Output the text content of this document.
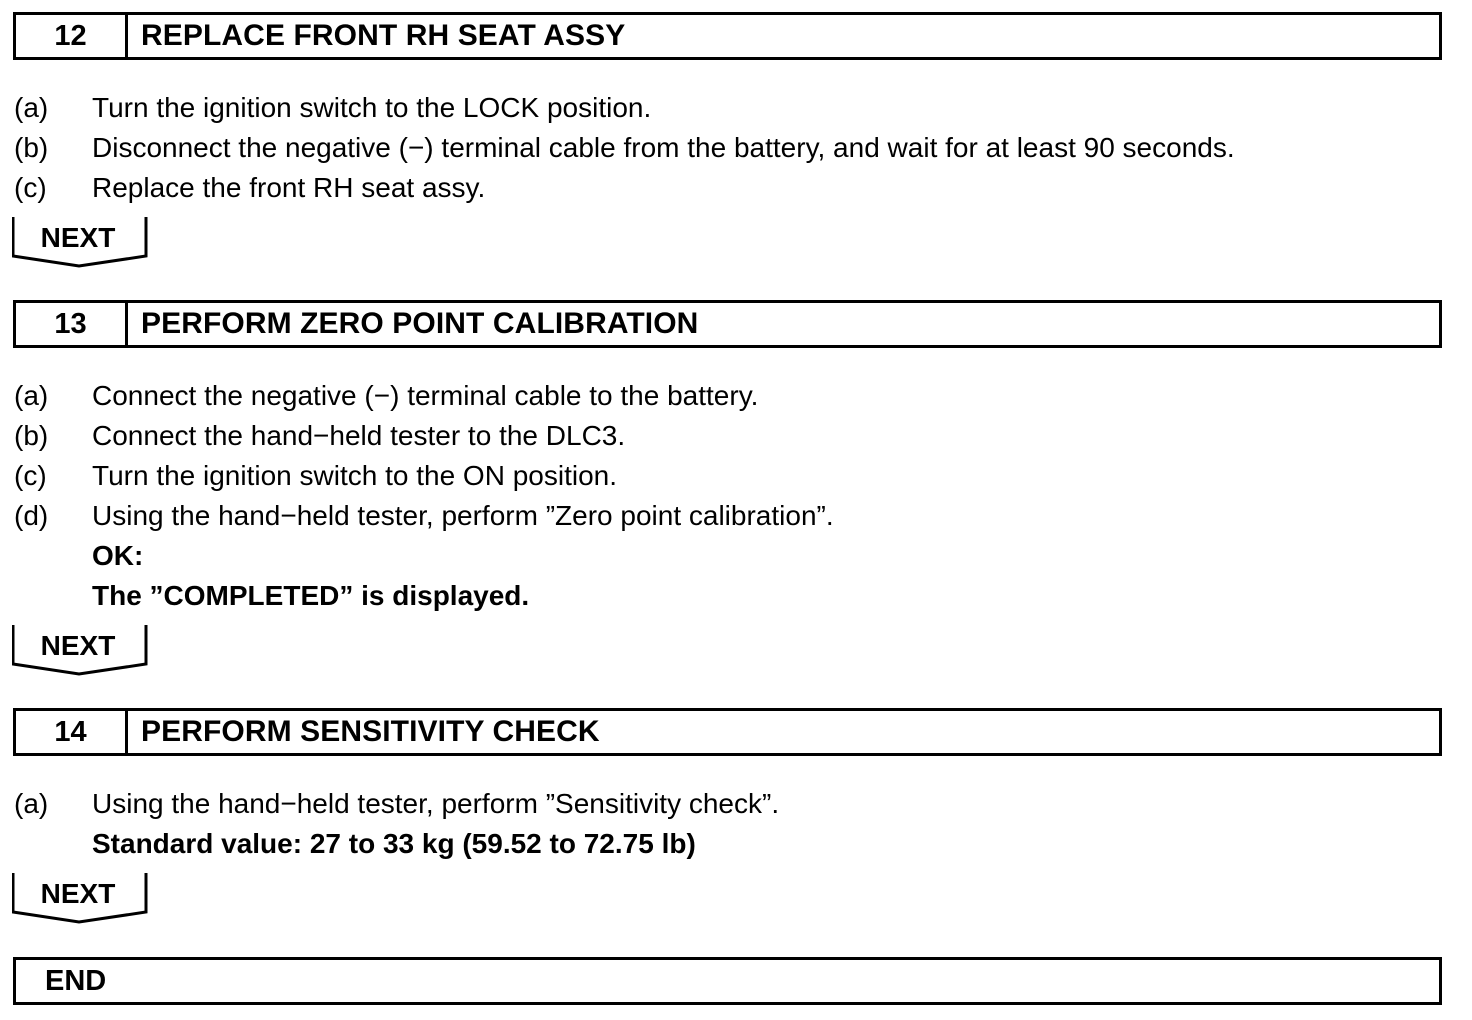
12	REPLACE FRONT RH SEAT ASSY
(a)	Turn the ignition switch to the LOCK position.
(b)	Disconnect the negative (−) terminal cable from the battery, and wait for at least 90 seconds.
(c)	Replace the front RH seat assy.
NEXT
13	PERFORM ZERO POINT CALIBRATION
(a)	Connect the negative (−) terminal cable to the battery.
(b)	Connect the hand−held tester to the DLC3.
(c)	Turn the ignition switch to the ON position.
(d)	Using the hand−held tester, perform ”Zero point calibration”.
OK:
The ”COMPLETED” is displayed.
NEXT
14	PERFORM SENSITIVITY CHECK
(a)	Using the hand−held tester, perform ”Sensitivity check”.
Standard value: 27 to 33 kg (59.52 to 72.75 lb)
NEXT
END
